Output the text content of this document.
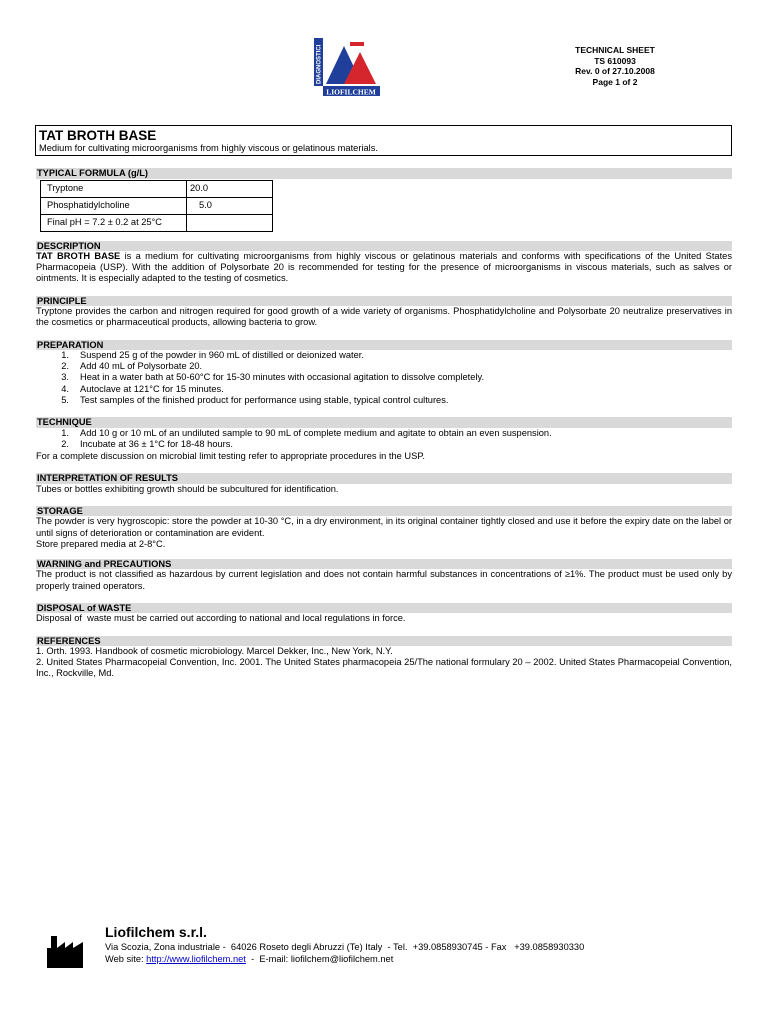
DIAGNOSTICI
LIOFILCHEM
TECHNICAL SHEET
TS 610093
Rev. 0 of 27.10.2008
Page 1 of 2
TAT BROTH BASE
Medium for cultivating microorganisms from highly viscous or gelatinous materials.
TYPICAL FORMULA (g/L)
Tryptone	20.0
Phosphatidylcholine	5.0
Final pH = 7.2 ± 0.2 at 25°C	
DESCRIPTION

TAT BROTH BASE is a medium for cultivating microorganisms from highly viscous or gelatinous materials and conforms with specifications of the United States Pharmacopeia (USP). With the addition of Polysorbate 20 is recommended for testing for the presence of microorganisms in viscous materials, such as salves or ointments. It is especially adapted to the testing of cosmetics.

PRINCIPLE

Tryptone provides the carbon and nitrogen required for good growth of a wide variety of organisms. Phosphatidylcholine and Polysorbate 20 neutralize preservatives in the cosmetics or pharmaceutical products, allowing bacteria to grow.

PREPARATION
1.	Suspend 25 g of the powder in 960 mL of distilled or deionized water.
2.	Add 40 mL of Polysorbate 20.
3.	Heat in a water bath at 50-60°C for 15-30 minutes with occasional agitation to dissolve completely.
4.	Autoclave at 121°C for 15 minutes.
5.	Test samples of the finished product for performance using stable, typical control cultures.
TECHNIQUE
1.	Add 10 g or 10 mL of an undiluted sample to 90 mL of complete medium and agitate to obtain an even suspension.
2.	Incubate at 36 ± 1°C for 18-48 hours.

For a complete discussion on microbial limit testing refer to appropriate procedures in the USP.

INTERPRETATION OF RESULTS

Tubes or bottles exhibiting growth should be subcultured for identification.

STORAGE

The powder is very hygroscopic: store the powder at 10-30 °C, in a dry environment, in its original container tightly closed and use it before the expiry date on the label or until signs of deterioration or contamination are evident.

Store prepared media at 2-8°C.

WARNING and PRECAUTIONS

The product is not classified as hazardous by current legislation and does not contain harmful substances in concentrations of ≥1%. The product must be used only by properly trained operators.

DISPOSAL of WASTE

Disposal of  waste must be carried out according to national and local regulations in force.

REFERENCES

1. Orth. 1993. Handbook of cosmetic microbiology. Marcel Dekker, Inc., New York, N.Y.

2. United States Pharmacopeial Convention, Inc. 2001. The United States pharmacopeia 25/The national formulary 20 – 2002. United States Pharmacopeial Convention, Inc., Rockville, Md.

Liofilchem s.r.l.
Via Scozia, Zona industriale -  64026 Roseto degli Abruzzi (Te) Italy  - Tel.  +39.0858930745 - Fax   +39.0858930330
Web site: http://www.liofilchem.net  -  E-mail: liofilchem@liofilchem.net
